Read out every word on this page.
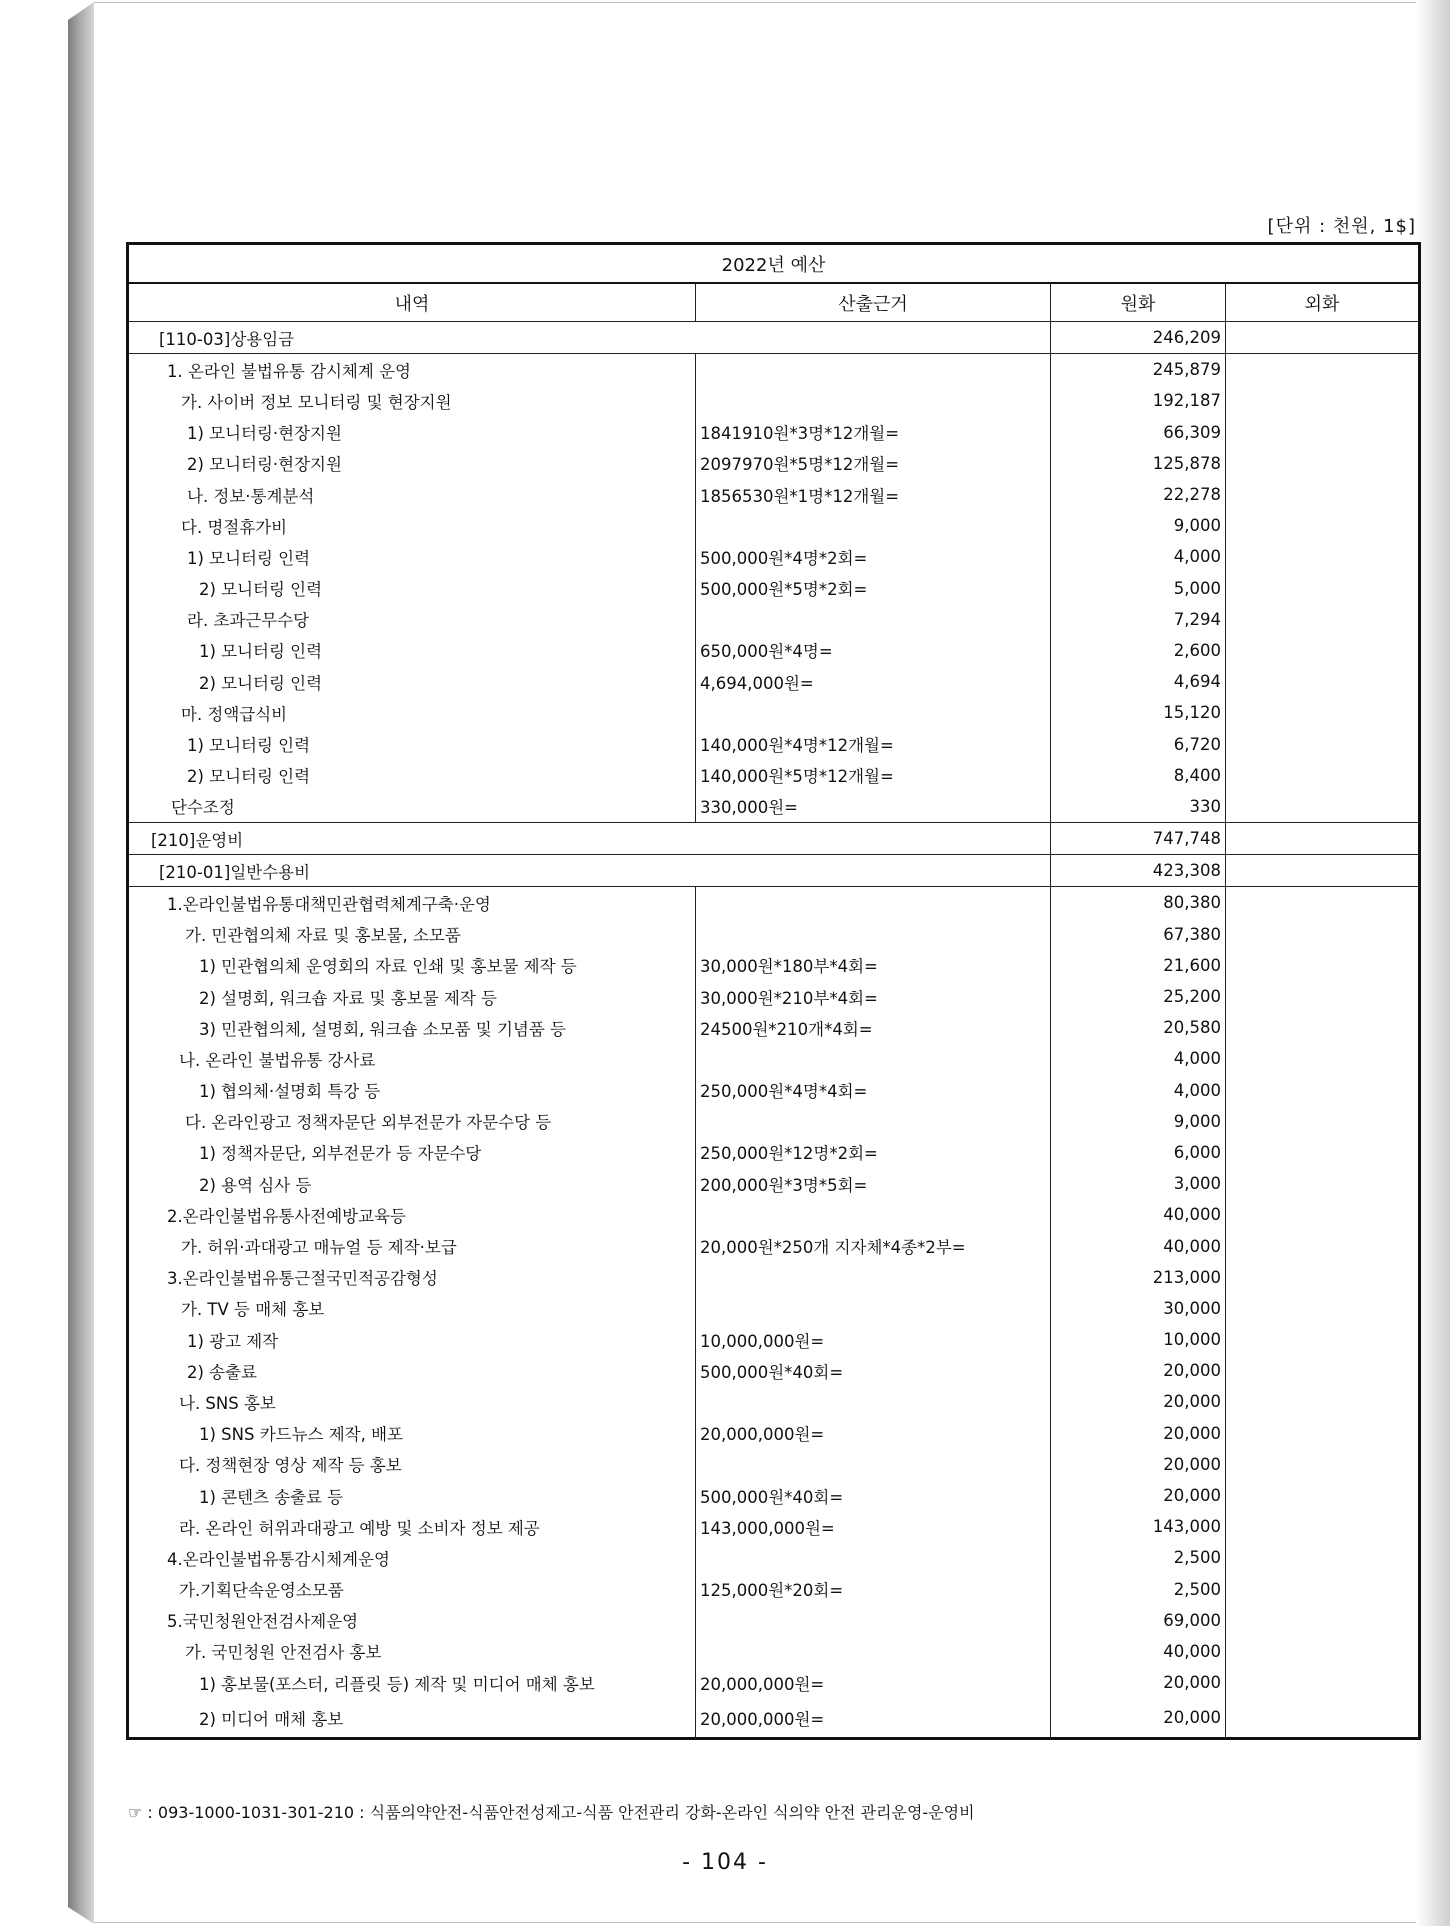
[단위 : 천원, 1$]
2022년 예산			
내역	산출근거	원화	외화
[110-03]상용임금		246,209	
1. 온라인 불법유통 감시체계 운영		245,879	
가. 사이버 정보 모니터링 및 현장지원		192,187	
1) 모니터링·현장지원	1841910원*3명*12개월=	66,309	
2) 모니터링·현장지원	2097970원*5명*12개월=	125,878	
나. 정보·통계분석	1856530원*1명*12개월=	22,278	
다. 명절휴가비		9,000	
1) 모니터링 인력	500,000원*4명*2회=	4,000	
2) 모니터링 인력	500,000원*5명*2회=	5,000	
라. 초과근무수당		7,294	
1) 모니터링 인력	650,000원*4명=	2,600	
2) 모니터링 인력	4,694,000원=	4,694	
마. 정액급식비		15,120	
1) 모니터링 인력	140,000원*4명*12개월=	6,720	
2) 모니터링 인력	140,000원*5명*12개월=	8,400	
단수조정	330,000원=	330	
[210]운영비		747,748	
[210-01]일반수용비		423,308	
1.온라인불법유통대책민관협력체계구축·운영		80,380	
가. 민관협의체 자료 및 홍보물, 소모품		67,380	
1) 민관협의체 운영회의 자료 인쇄 및 홍보물 제작 등	30,000원*180부*4회=	21,600	
2) 설명회, 워크숍 자료 및 홍보물 제작 등	30,000원*210부*4회=	25,200	
3) 민관협의체, 설명회, 워크숍 소모품 및 기념품 등	24500원*210개*4회=	20,580	
나. 온라인 불법유통 강사료		4,000	
1) 협의체·설명회 특강 등	250,000원*4명*4회=	4,000	
다. 온라인광고 정책자문단 외부전문가 자문수당 등		9,000	
1) 정책자문단, 외부전문가 등 자문수당	250,000원*12명*2회=	6,000	
2) 용역 심사 등	200,000원*3명*5회=	3,000	
2.온라인불법유통사전예방교육등		40,000	
가. 허위·과대광고 매뉴얼 등 제작·보급	20,000원*250개 지자체*4종*2부=	40,000	
3.온라인불법유통근절국민적공감형성		213,000	
가. TV 등 매체 홍보		30,000	
1) 광고 제작	10,000,000원=	10,000	
2) 송출료	500,000원*40회=	20,000	
나. SNS 홍보		20,000	
1) SNS 카드뉴스 제작, 배포	20,000,000원=	20,000	
다. 정책현장 영상 제작 등 홍보		20,000	
1) 콘텐츠 송출료 등	500,000원*40회=	20,000	
라. 온라인 허위과대광고 예방 및 소비자 정보 제공	143,000,000원=	143,000	
4.온라인불법유통감시체계운영		2,500	
가.기획단속운영소모품	125,000원*20회=	2,500	
5.국민청원안전검사제운영		69,000	
가. 국민청원 안전검사 홍보		40,000	
1) 홍보물(포스터, 리플릿 등) 제작 및 미디어 매체 홍보	20,000,000원=	20,000	
2) 미디어 매체 홍보	20,000,000원=	20,000	
☞ : 093-1000-1031-301-210 : 식품의약안전-식품안전성제고-식품 안전관리 강화-온라인 식의약 안전 관리운영-운영비
- 104 -
